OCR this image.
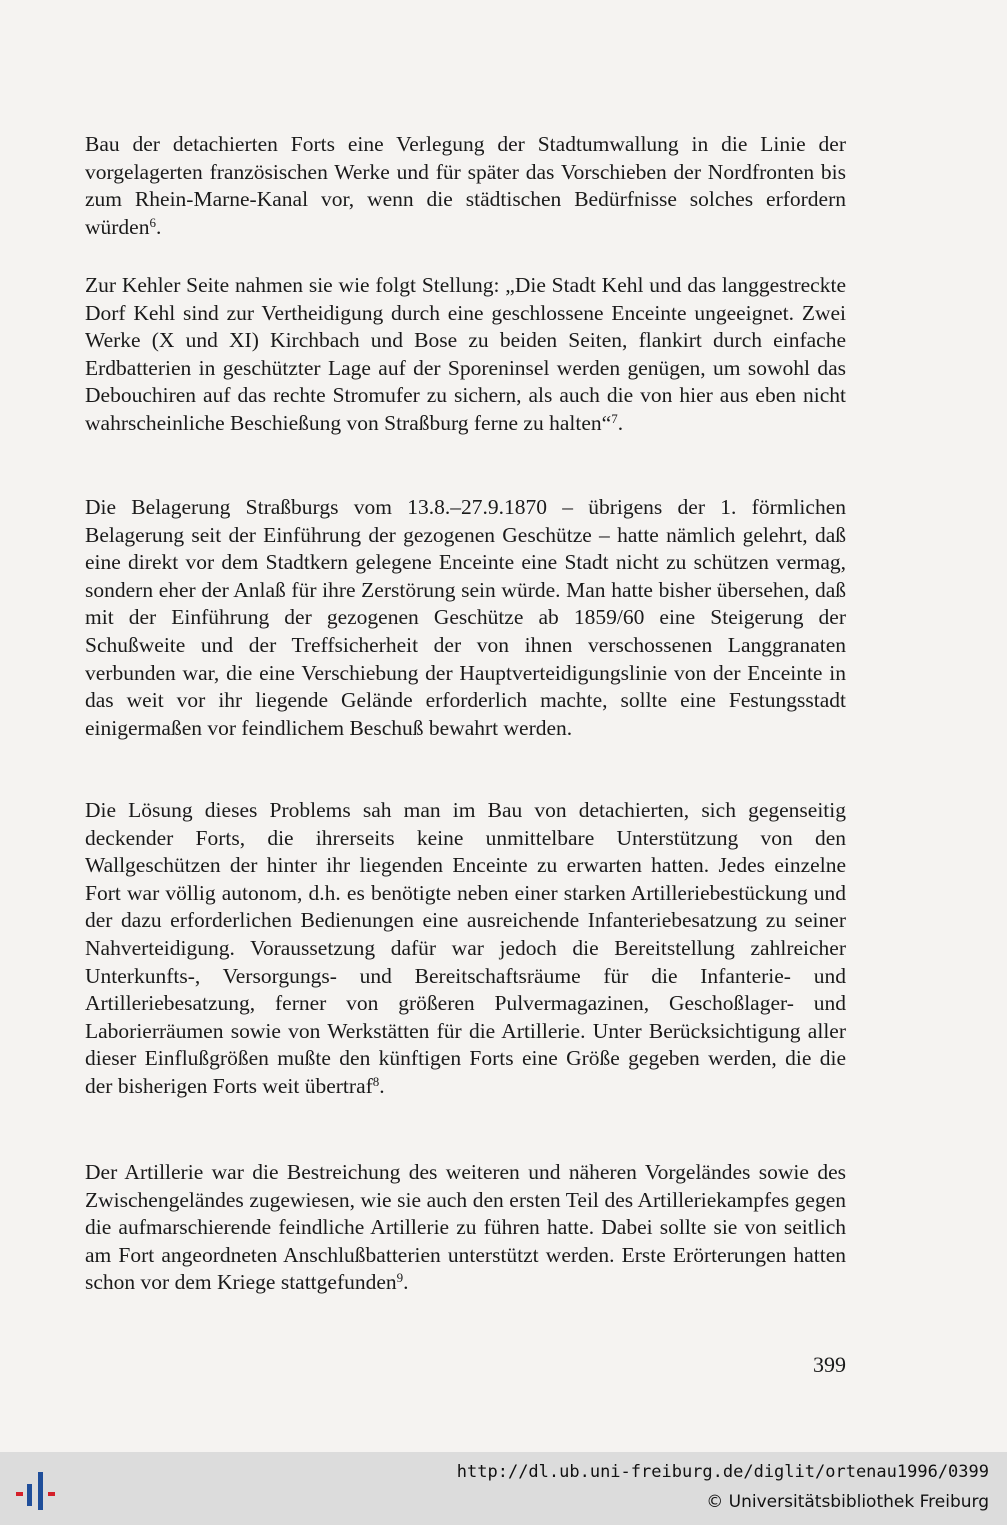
Bau der detachierten Forts eine Verlegung der Stadtumwallung in die Linie der vorgelagerten französischen Werke und für später das Vorschieben der Nordfronten bis zum Rhein-Marne-Kanal vor, wenn die städtischen Bedürfnisse solches erfordern würden$^6$.
Zur Kehler Seite nahmen sie wie folgt Stellung: „Die Stadt Kehl und das langgestreckte Dorf Kehl sind zur Vertheidigung durch eine geschlossene Enceinte ungeeignet. Zwei Werke (X und XI) Kirchbach und Bose zu beiden Seiten, flankirt durch einfache Erdbatterien in geschützter Lage auf der Sporeninsel werden genügen, um sowohl das Debouchiren auf das rechte Stromufer zu sichern, als auch die von hier aus eben nicht wahrscheinliche Beschießung von Straßburg ferne zu halten“$^7$.
Die Belagerung Straßburgs vom 13.8.–27.9.1870 – übrigens der 1. förmlichen Belagerung seit der Einführung der gezogenen Geschütze – hatte nämlich gelehrt, daß eine direkt vor dem Stadtkern gelegene Enceinte eine Stadt nicht zu schützen vermag, sondern eher der Anlaß für ihre Zerstörung sein würde. Man hatte bisher übersehen, daß mit der Einführung der gezogenen Geschütze ab 1859/60 eine Steigerung der Schußweite und der Treffsicherheit der von ihnen verschossenen Langgranaten verbunden war, die eine Verschiebung der Hauptverteidigungslinie von der Enceinte in das weit vor ihr liegende Gelände erforderlich machte, sollte eine Festungsstadt einigermaßen vor feindlichem Beschuß bewahrt werden.
Die Lösung dieses Problems sah man im Bau von detachierten, sich gegenseitig deckender Forts, die ihrerseits keine unmittelbare Unterstützung von den Wallgeschützen der hinter ihr liegenden Enceinte zu erwarten hatten. Jedes einzelne Fort war völlig autonom, d.h. es benötigte neben einer starken Artilleriebestückung und der dazu erforderlichen Bedienungen eine ausreichende Infanteriebesatzung zu seiner Nahverteidigung. Voraussetzung dafür war jedoch die Bereitstellung zahlreicher Unterkunfts-, Versorgungs- und Bereitschaftsräume für die Infanterie- und Artilleriebesatzung, ferner von größeren Pulvermagazinen, Geschoßlager- und Laborierräumen sowie von Werkstätten für die Artillerie. Unter Berücksichtigung aller dieser Einflußgrößen mußte den künftigen Forts eine Größe gegeben werden, die die der bisherigen Forts weit übertraf$^8$.
Der Artillerie war die Bestreichung des weiteren und näheren Vorgeländes sowie des Zwischengeländes zugewiesen, wie sie auch den ersten Teil des Artilleriekampfes gegen die aufmarschierende feindliche Artillerie zu führen hatte. Dabei sollte sie von seitlich am Fort angeordneten Anschlußbatterien unterstützt werden. Erste Erörterungen hatten schon vor dem Kriege stattgefunden$^9$.
399
http://dl.ub.uni-freiburg.de/diglit/ortenau1996/0399
© Universitätsbibliothek Freiburg
